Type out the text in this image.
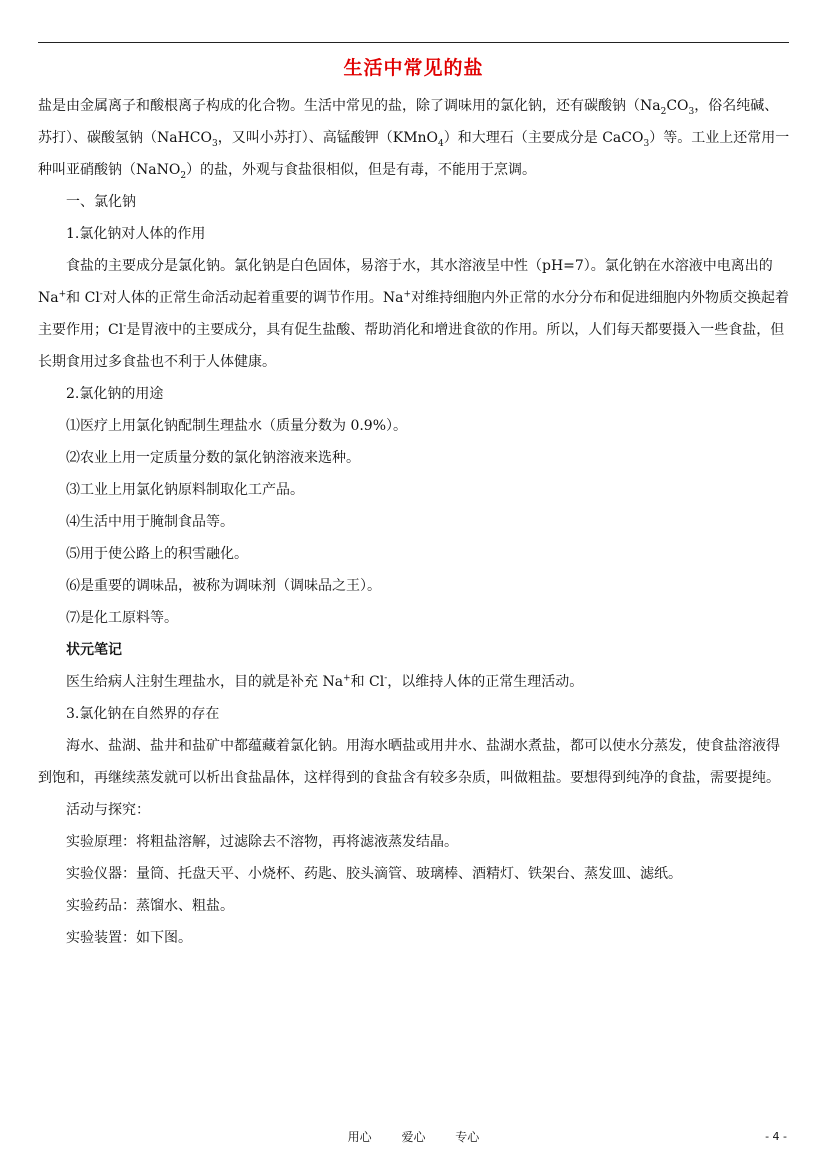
生活中常见的盐

盐是由金属离子和酸根离子构成的化合物。生活中常见的盐，除了调味用的氯化钠，还有碳酸钠（$Na_2CO_3$，俗名纯碱、苏打）、碳酸氢钠（NaHCO$_3$，又叫小苏打）、高锰酸钾（KMnO$_4$）和大理石（主要成分是 CaCO$_3$）等。工业上还常用一种叫亚硝酸钠（NaNO$_2$）的盐，外观与食盐很相似，但是有毒，不能用于烹调。

一、氯化钠

1.氯化钠对人体的作用

食盐的主要成分是氯化钠。氯化钠是白色固体，易溶于水，其水溶液呈中性（pH=7）。氯化钠在水溶液中电离出的 Na+和 Cl-对人体的正常生命活动起着重要的调节作用。Na+对维持细胞内外正常的水分分布和促进细胞内外物质交换起着主要作用；Cl-是胃液中的主要成分，具有促生盐酸、帮助消化和增进食欲的作用。所以，人们每天都要摄入一些食盐，但长期食用过多食盐也不利于人体健康。

2.氯化钠的用途

⑴医疗上用氯化钠配制生理盐水（质量分数为 0.9%）。

⑵农业上用一定质量分数的氯化钠溶液来选种。

⑶工业上用氯化钠原料制取化工产品。

⑷生活中用于腌制食品等。

⑸用于使公路上的积雪融化。

⑹是重要的调味品，被称为调味剂（调味品之王）。

⑺是化工原料等。

状元笔记

医生给病人注射生理盐水，目的就是补充 Na+和 Cl-，以维持人体的正常生理活动。

3.氯化钠在自然界的存在

海水、盐湖、盐井和盐矿中都蕴藏着氯化钠。用海水晒盐或用井水、盐湖水煮盐，都可以使水分蒸发，使食盐溶液得到饱和，再继续蒸发就可以析出食盐晶体，这样得到的食盐含有较多杂质，叫做粗盐。要想得到纯净的食盐，需要提纯。

活动与探究：

实验原理：将粗盐溶解，过滤除去不溶物，再将滤液蒸发结晶。

实验仪器：量筒、托盘天平、小烧杯、药匙、胶头滴管、玻璃棒、酒精灯、铁架台、蒸发皿、滤纸。

实验药品：蒸馏水、粗盐。

实验装置：如下图。

用心 爱心 专心	- 4 -
